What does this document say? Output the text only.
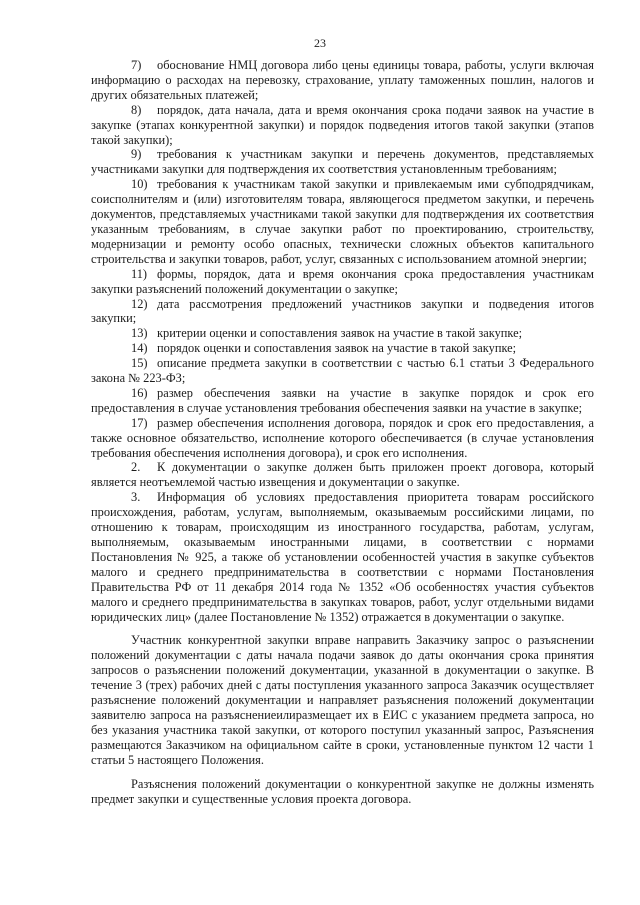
23

7) обоснование НМЦ договора либо цены единицы товара, работы, услуги включая информацию о расходах на перевозку, страхование, уплату таможенных пошлин, налогов и других обязательных платежей;

8) порядок, дата начала, дата и время окончания срока подачи заявок на участие в закупке (этапах конкурентной закупки) и порядок подведения итогов такой закупки (этапов такой закупки);

9) требования к участникам закупки и перечень документов, представляемых участниками закупки для подтверждения их соответствия установленным требованиям;

10) требования к участникам такой закупки и привлекаемым ими субподрядчикам, соисполнителям и (или) изготовителям товара, являющегося предметом закупки, и перечень документов, представляемых участниками такой закупки для подтверждения их соответствия указанным требованиям, в случае закупки работ по проектированию, строительству, модернизации и ремонту особо опасных, технически сложных объектов капитального строительства и закупки товаров, работ, услуг, связанных с использованием атомной энергии;

11) формы, порядок, дата и время окончания срока предоставления участникам закупки разъяснений положений документации о закупке;

12) дата рассмотрения предложений участников закупки и подведения итогов закупки;

13) критерии оценки и сопоставления заявок на участие в такой закупке;

14) порядок оценки и сопоставления заявок на участие в такой закупке;

15) описание предмета закупки в соответствии с частью 6.1 статьи 3 Федерального закона № 223-ФЗ;

16) размер обеспечения заявки на участие в закупке порядок и срок его предоставления в случае установления требования обеспечения заявки на участие в закупке;

17) размер обеспечения исполнения договора, порядок и срок его предоставления, а также основное обязательство, исполнение которого обеспечивается (в случае установления требования обеспечения исполнения договора), и срок его исполнения.

2. К документации о закупке должен быть приложен проект договора, который является неотъемлемой частью извещения и документации о закупке.

3. Информация об условиях предоставления приоритета товарам российского происхождения, работам, услугам, выполняемым, оказываемым российскими лицами, по отношению к товарам, происходящим из иностранного государства, работам, услугам, выполняемым, оказываемым иностранными лицами, в соответствии с нормами Постановления № 925, а также об установлении особенностей участия в закупке субъектов малого и среднего предпринимательства в соответствии с нормами Постановления Правительства РФ от 11 декабря 2014 года № 1352 «Об особенностях участия субъектов малого и среднего предпринимательства в закупках товаров, работ, услуг отдельными видами юридических лиц» (далее Постановление № 1352) отражается в документации о закупке.

Участник конкурентной закупки вправе направить Заказчику запрос о разъяснении положений документации с даты начала подачи заявок до даты окончания срока принятия запросов о разъяснении положений документации, указанной в документации о закупке. В течение 3 (трех) рабочих дней с даты поступления указанного запроса Заказчик осуществляет разъяснение положений документации и направляет разъяснения положений документации заявителю запроса на разъяснениеилиразмещает их в ЕИС с указанием предмета запроса, но без указания участника такой закупки, от которого поступил указанный запрос, Разъяснения размещаются Заказчиком на официальном сайте в сроки, установленные пунктом 12 части 1 статьи 5 настоящего Положения.

Разъяснения положений документации о конкурентной закупке не должны изменять предмет закупки и существенные условия проекта договора.
